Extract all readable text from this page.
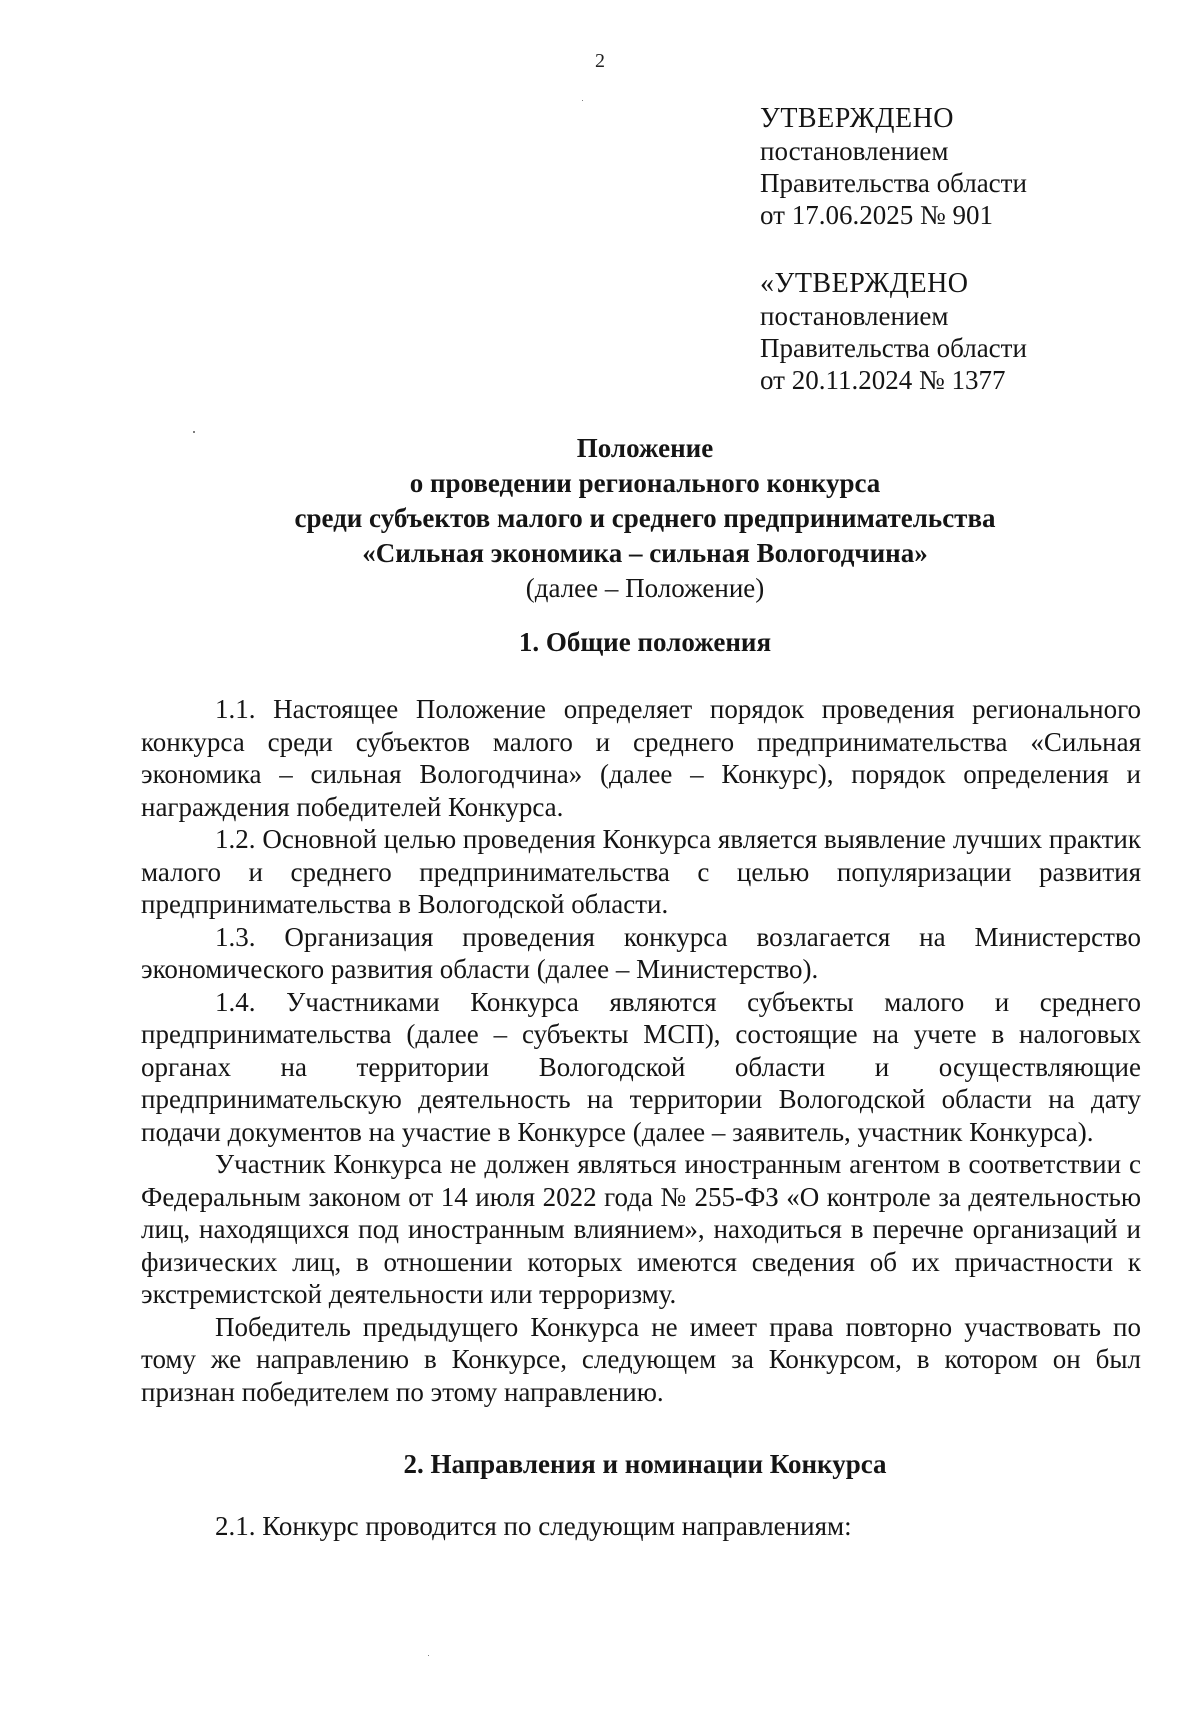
2
УТВЕРЖДЕНО
постановлением
Правительства области
от 17.06.2025 № 901
«УТВЕРЖДЕНО
постановлением
Правительства области
от 20.11.2024 № 1377
Положение
о проведении регионального конкурса
среди субъектов малого и среднего предпринимательства
«Сильная экономика – сильная Вологодчина»
(далее – Положение)
1. Общие положения

1.1. Настоящее Положение определяет порядок проведения регионального конкурса среди субъектов малого и среднего предпринимательства «Сильная экономика – сильная Вологодчина» (далее – Конкурс), порядок определения и награждения победителей Конкурса.

1.2. Основной целью проведения Конкурса является выявление лучших практик малого и среднего предпринимательства с целью популяризации развития предпринимательства в Вологодской области.

1.3. Организация проведения конкурса возлагается на Министерство экономического развития области (далее – Министерство).

1.4. Участниками Конкурса являются субъекты малого и среднего предпринимательства (далее – субъекты МСП), состоящие на учете в налоговых органах на территории Вологодской области и осуществляющие предпринимательскую деятельность на территории Вологодской области на дату подачи документов на участие в Конкурсе (далее – заявитель, участник Конкурса).

Участник Конкурса не должен являться иностранным агентом в соответствии с Федеральным законом от 14 июля 2022 года № 255-ФЗ «О контроле за деятельностью лиц, находящихся под иностранным влиянием», находиться в перечне организаций и физических лиц, в отношении которых имеются сведения об их причастности к экстремистской деятельности или терроризму.

Победитель предыдущего Конкурса не имеет права повторно участвовать по тому же направлению в Конкурсе, следующем за Конкурсом, в котором он был признан победителем по этому направлению.

2. Направления и номинации Конкурса

2.1. Конкурс проводится по следующим направлениям:
